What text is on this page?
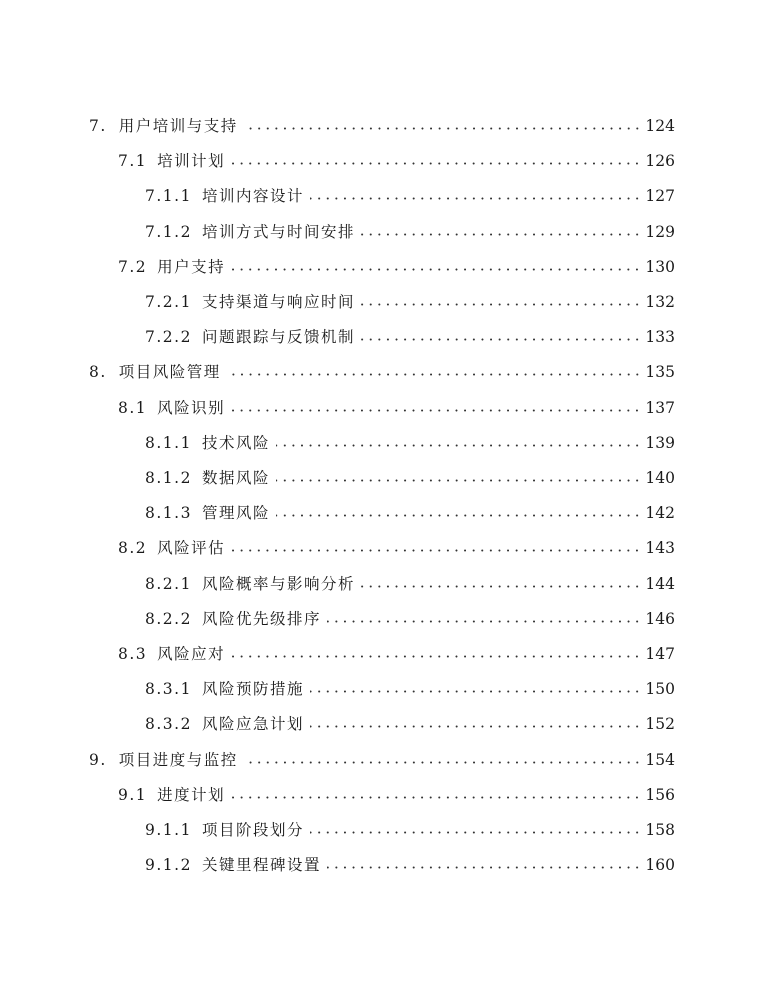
7. 用户培训与支持	124
7.1 培训计划	126
7.1.1 培训内容设计	127
7.1.2 培训方式与时间安排	129
7.2 用户支持	130
7.2.1 支持渠道与响应时间	132
7.2.2 问题跟踪与反馈机制	133
8. 项目风险管理	135
8.1 风险识别	137
8.1.1 技术风险	139
8.1.2 数据风险	140
8.1.3 管理风险	142
8.2 风险评估	143
8.2.1 风险概率与影响分析	144
8.2.2 风险优先级排序	146
8.3 风险应对	147
8.3.1 风险预防措施	150
8.3.2 风险应急计划	152
9. 项目进度与监控	154
9.1 进度计划	156
9.1.1 项目阶段划分	158
9.1.2 关键里程碑设置	160
